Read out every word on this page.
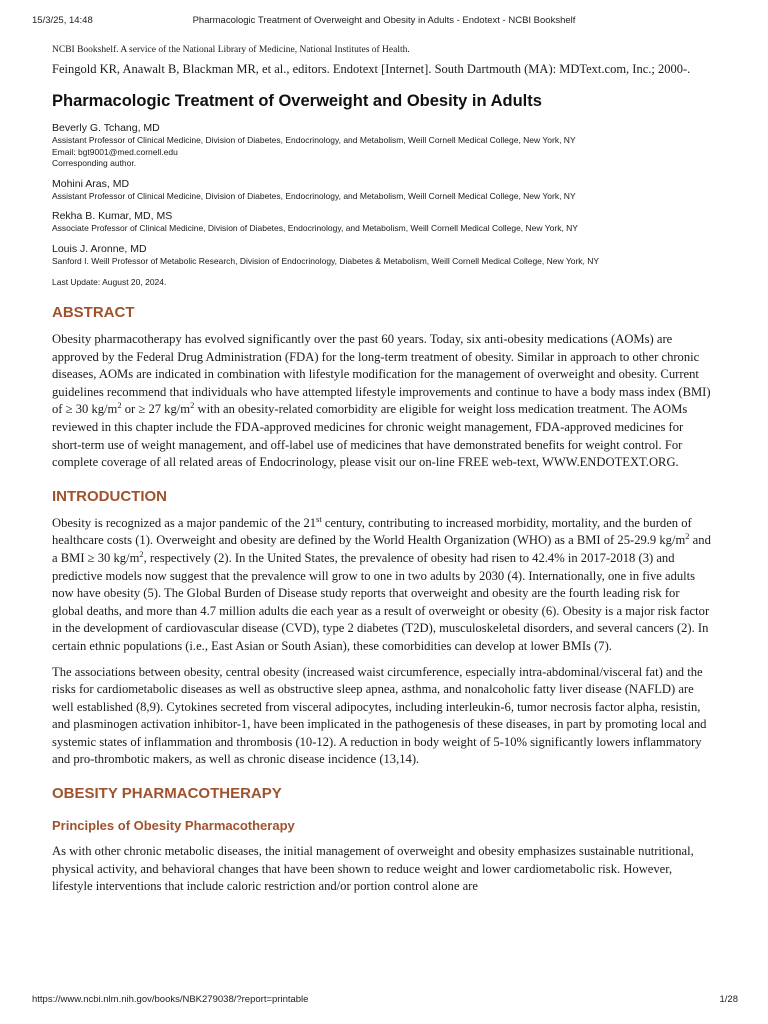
15/3/25, 14:48	Pharmacologic Treatment of Overweight and Obesity in Adults - Endotext - NCBI Bookshelf

NCBI Bookshelf. A service of the National Library of Medicine, National Institutes of Health.

Feingold KR, Anawalt B, Blackman MR, et al., editors. Endotext [Internet]. South Dartmouth (MA): MDText.com, Inc.; 2000-.

Pharmacologic Treatment of Overweight and Obesity in Adults
Beverly G. Tchang, MD
Assistant Professor of Clinical Medicine, Division of Diabetes, Endocrinology, and Metabolism, Weill Cornell Medical College, New York, NY
Email: bgt9001@med.cornell.edu
Corresponding author.
Mohini Aras, MD
Assistant Professor of Clinical Medicine, Division of Diabetes, Endocrinology, and Metabolism, Weill Cornell Medical College, New York, NY
Rekha B. Kumar, MD, MS
Associate Professor of Clinical Medicine, Division of Diabetes, Endocrinology, and Metabolism, Weill Cornell Medical College, New York, NY
Louis J. Aronne, MD
Sanford I. Weill Professor of Metabolic Research, Division of Endocrinology, Diabetes & Metabolism, Weill Cornell Medical College, New York, NY
Last Update: August 20, 2024.
ABSTRACT

Obesity pharmacotherapy has evolved significantly over the past 60 years. Today, six anti-obesity medications (AOMs) are approved by the Federal Drug Administration (FDA) for the long-term treatment of obesity. Similar in approach to other chronic diseases, AOMs are indicated in combination with lifestyle modification for the management of overweight and obesity. Current guidelines recommend that individuals who have attempted lifestyle improvements and continue to have a body mass index (BMI) of ≥ 30 $kg/m^2$ or ≥ 27 $kg/m^2$ with an obesity-related comorbidity are eligible for weight loss medication treatment. The AOMs reviewed in this chapter include the FDA-approved medicines for chronic weight management, FDA-approved medicines for short-term use of weight management, and off-label use of medicines that have demonstrated benefits for weight control. For complete coverage of all related areas of Endocrinology, please visit our on-line FREE web-text, WWW.ENDOTEXT.ORG.

INTRODUCTION

Obesity is recognized as a major pandemic of the 21st century, contributing to increased morbidity, mortality, and the burden of healthcare costs (1). Overweight and obesity are defined by the World Health Organization (WHO) as a BMI of 25-29.9 $kg/m^2$ and a BMI ≥ 30 $kg/m^2$, respectively (2). In the United States, the prevalence of obesity had risen to 42.4% in 2017-2018 (3) and predictive models now suggest that the prevalence will grow to one in two adults by 2030 (4). Internationally, one in five adults now have obesity (5). The Global Burden of Disease study reports that overweight and obesity are the fourth leading risk for global deaths, and more than 4.7 million adults die each year as a result of overweight or obesity (6). Obesity is a major risk factor in the development of cardiovascular disease (CVD), type 2 diabetes (T2D), musculoskeletal disorders, and several cancers (2). In certain ethnic populations (i.e., East Asian or South Asian), these comorbidities can develop at lower BMIs (7).

The associations between obesity, central obesity (increased waist circumference, especially intra-abdominal/visceral fat) and the risks for cardiometabolic diseases as well as obstructive sleep apnea, asthma, and nonalcoholic fatty liver disease (NAFLD) are well established (8,9). Cytokines secreted from visceral adipocytes, including interleukin-6, tumor necrosis factor alpha, resistin, and plasminogen activation inhibitor-1, have been implicated in the pathogenesis of these diseases, in part by promoting local and systemic states of inflammation and thrombosis (10-12). A reduction in body weight of 5-10% significantly lowers inflammatory and pro-thrombotic makers, as well as chronic disease incidence (13,14).

OBESITY PHARMACOTHERAPY
Principles of Obesity Pharmacotherapy

As with other chronic metabolic diseases, the initial management of overweight and obesity emphasizes sustainable nutritional, physical activity, and behavioral changes that have been shown to reduce weight and lower cardiometabolic risk. However, lifestyle interventions that include caloric restriction and/or portion control alone are

https://www.ncbi.nlm.nih.gov/books/NBK279038/?report=printable	1/28
